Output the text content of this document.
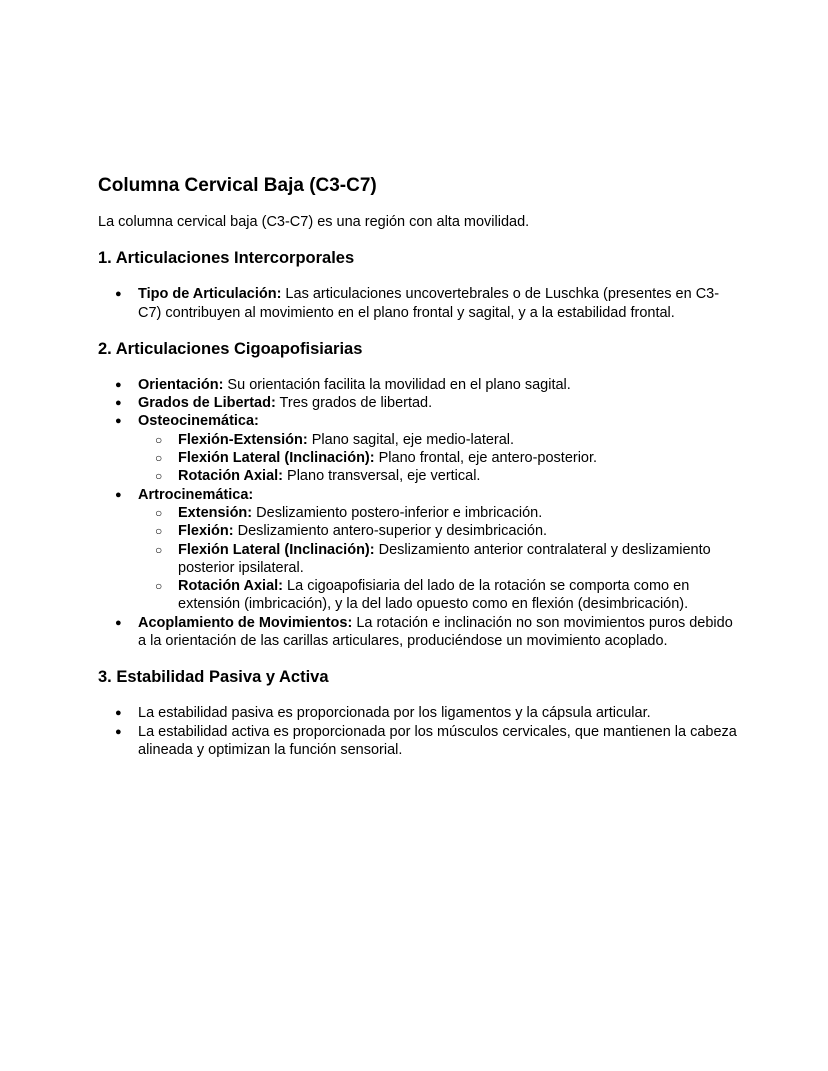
Columna Cervical Baja (C3-C7)

La columna cervical baja (C3-C7) es una región con alta movilidad.

1. Articulaciones Intercorporales
● Tipo de Articulación: Las articulaciones uncovertebrales o de Luschka (presentes en C3-C7) contribuyen al movimiento en el plano frontal y sagital, y a la estabilidad frontal.
2. Articulaciones Cigoapofisiarias
● Orientación: Su orientación facilita la movilidad en el plano sagital.
● Grados de Libertad: Tres grados de libertad.
● Osteocinemática:
○ Flexión-Extensión: Plano sagital, eje medio-lateral.
○ Flexión Lateral (Inclinación): Plano frontal, eje antero-posterior.
○ Rotación Axial: Plano transversal, eje vertical.
● Artrocinemática:
○ Extensión: Deslizamiento postero-inferior e imbricación.
○ Flexión: Deslizamiento antero-superior y desimbricación.
○ Flexión Lateral (Inclinación): Deslizamiento anterior contralateral y deslizamiento posterior ipsilateral.
○ Rotación Axial: La cigoapofisiaria del lado de la rotación se comporta como en extensión (imbricación), y la del lado opuesto como en flexión (desimbricación).
● Acoplamiento de Movimientos: La rotación e inclinación no son movimientos puros debido a la orientación de las carillas articulares, produciéndose un movimiento acoplado.
3. Estabilidad Pasiva y Activa
● La estabilidad pasiva es proporcionada por los ligamentos y la cápsula articular.
● La estabilidad activa es proporcionada por los músculos cervicales, que mantienen la cabeza alineada y optimizan la función sensorial.
